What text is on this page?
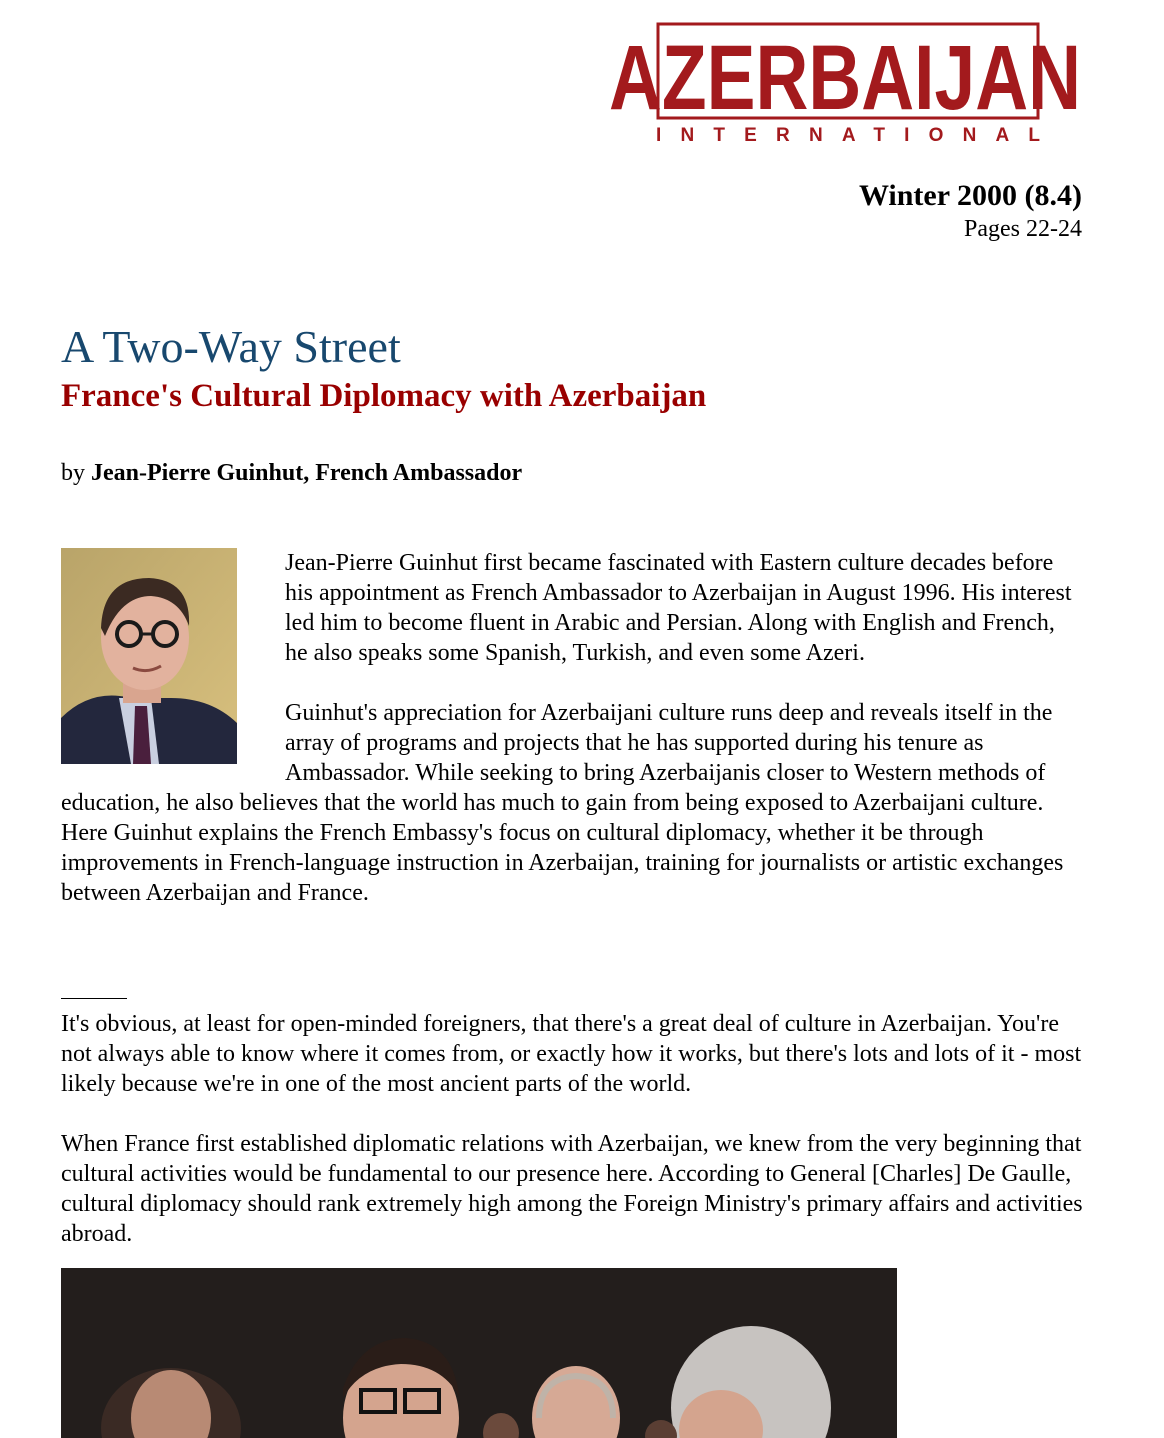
AZERBAIJAN
INTERNATIONAL
Winter 2000 (8.4)
Pages 22-24
A Two-Way Street
France's Cultural Diplomacy with Azerbaijan
by Jean-Pierre Guinhut, French Ambassador

Jean-Pierre Guinhut first became fascinated with Eastern culture decades before his appointment as French Ambassador to Azerbaijan in August 1996. His interest led him to become fluent in Arabic and Persian. Along with English and French, he also speaks some Spanish, Turkish, and even some Azeri.

Guinhut's appreciation for Azerbaijani culture runs deep and reveals itself in the array of programs and projects that he has supported during his tenure as Ambassador. While seeking to bring Azerbaijanis closer to Western methods of education, he also believes that the world has much to gain from being exposed to Azerbaijani culture. Here Guinhut explains the French Embassy's focus on cultural diplomacy, whether it be through improvements in French-language instruction in Azerbaijan, training for journalists or artistic exchanges between Azerbaijan and France.

It's obvious, at least for open-minded foreigners, that there's a great deal of culture in Azerbaijan. You're not always able to know where it comes from, or exactly how it works, but there's lots and lots of it - most likely because we're in one of the most ancient parts of the world.

When France first established diplomatic relations with Azerbaijan, we knew from the very beginning that cultural activities would be fundamental to our presence here. According to General [Charles] De Gaulle, cultural diplomacy should rank extremely high among the Foreign Ministry's primary affairs and activities abroad.
